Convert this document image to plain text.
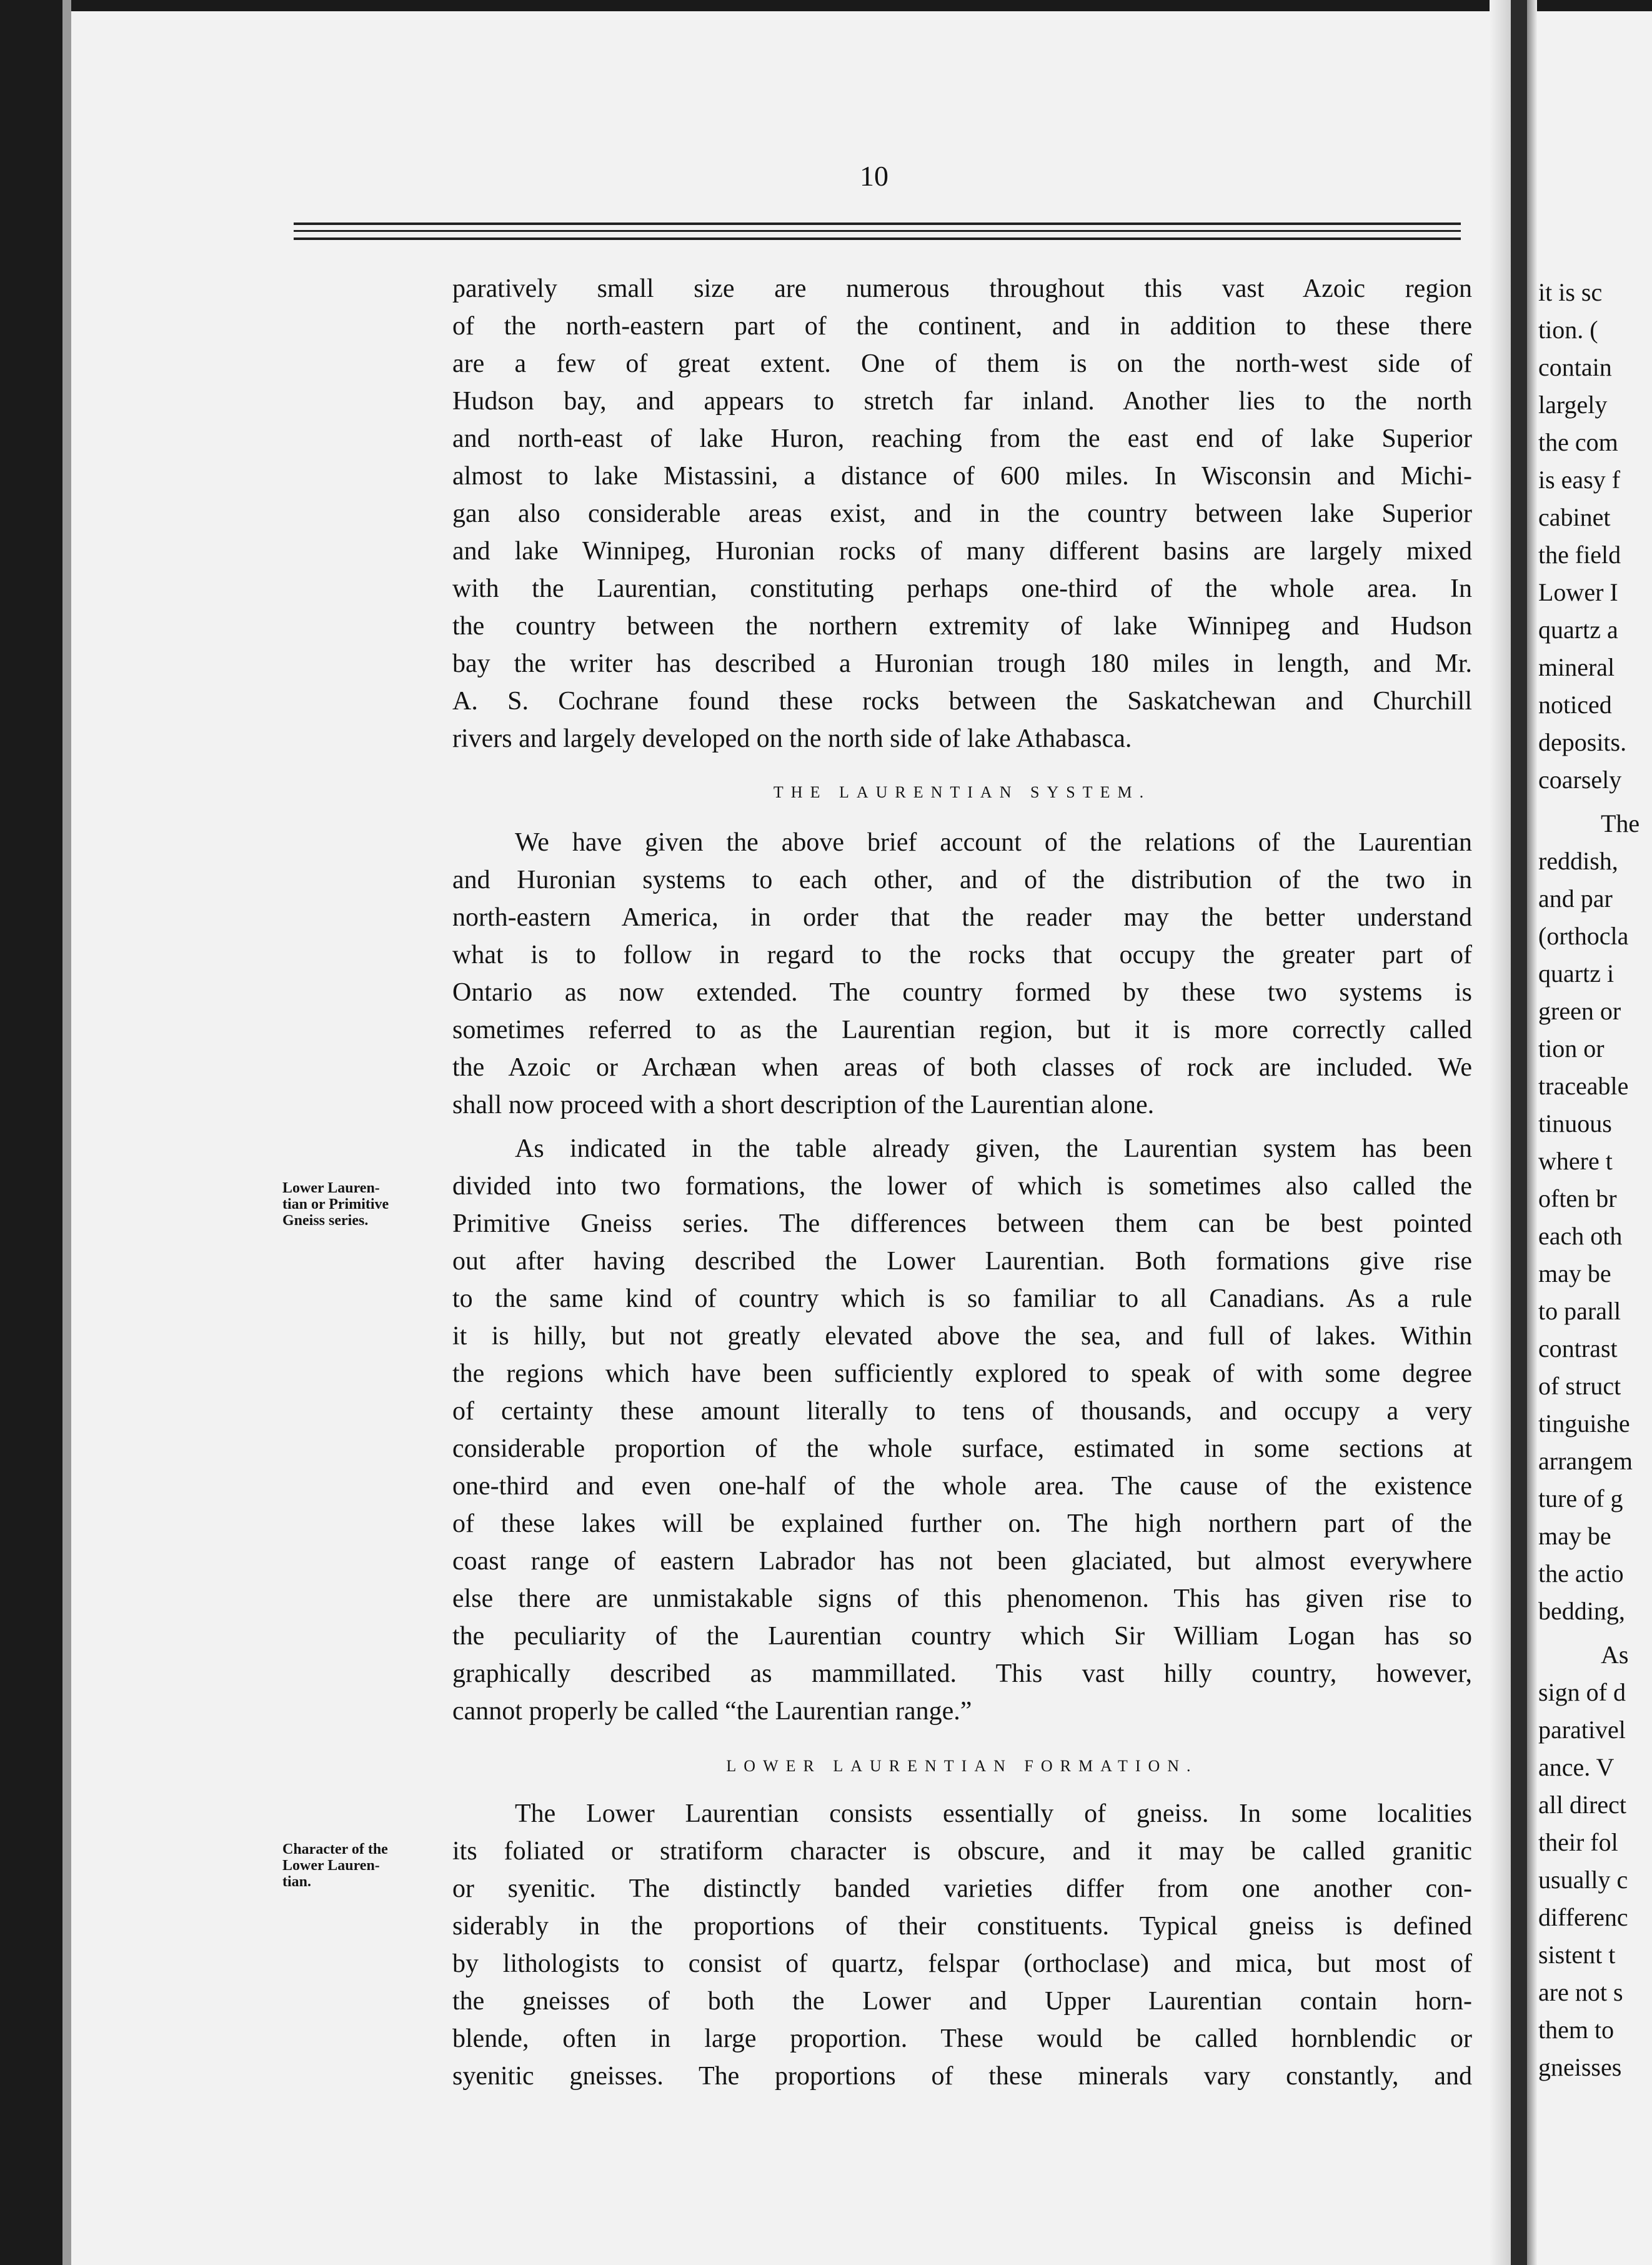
10
paratively small size are numerous throughout this vast Azoic region
of the north-eastern part of the continent, and in addition to these there
are a few of great extent. One of them is on the north-west side of
Hudson bay, and appears to stretch far inland. Another lies to the north
and north-east of lake Huron, reaching from the east end of lake Superior
almost to lake Mistassini, a distance of 600 miles. In Wisconsin and Michi-
gan also considerable areas exist, and in the country between lake Superior
and lake Winnipeg, Huronian rocks of many different basins are largely mixed
with the Laurentian, constituting perhaps one-third of the whole area. In
the country between the northern extremity of lake Winnipeg and Hudson
bay the writer has described a Huronian trough 180 miles in length, and Mr.
A. S. Cochrane found these rocks between the Saskatchewan and Churchill
rivers and largely developed on the north side of lake Athabasca.
THE LAURENTIAN SYSTEM.
We have given the above brief account of the relations of the Laurentian
and Huronian systems to each other, and of the distribution of the two in
north-eastern America, in order that the reader may the better understand
what is to follow in regard to the rocks that occupy the greater part of
Ontario as now extended. The country formed by these two systems is
sometimes referred to as the Laurentian region, but it is more correctly called
the Azoic or Archæan when areas of both classes of rock are included. We
shall now proceed with a short description of the Laurentian alone.
As indicated in the table already given, the Laurentian system has been
divided into two formations, the lower of which is sometimes also called the
Primitive Gneiss series. The differences between them can be best pointed
out after having described the Lower Laurentian. Both formations give rise
to the same kind of country which is so familiar to all Canadians. As a rule
it is hilly, but not greatly elevated above the sea, and full of lakes. Within
the regions which have been sufficiently explored to speak of with some degree
of certainty these amount literally to tens of thousands, and occupy a very
considerable proportion of the whole surface, estimated in some sections at
one-third and even one-half of the whole area. The cause of the existence
of these lakes will be explained further on. The high northern part of the
coast range of eastern Labrador has not been glaciated, but almost everywhere
else there are unmistakable signs of this phenomenon. This has given rise to
the peculiarity of the Laurentian country which Sir William Logan has so
graphically described as mammillated. This vast hilly country, however,
cannot properly be called “the Laurentian range.”
LOWER LAURENTIAN FORMATION.
The Lower Laurentian consists essentially of gneiss. In some localities
its foliated or stratiform character is obscure, and it may be called granitic
or syenitic. The distinctly banded varieties differ from one another con-
siderably in the proportions of their constituents. Typical gneiss is defined
by lithologists to consist of quartz, felspar (orthoclase) and mica, but most of
the gneisses of both the Lower and Upper Laurentian contain horn-
blende, often in large proportion. These would be called hornblendic or
syenitic gneisses. The proportions of these minerals vary constantly, and
Lower Lauren-
tian or Primitive
Gneiss series.
Character of the
Lower Lauren-
tian.
it is sc
tion. (
contain
largely
the com
is easy f
cabinet
the field
Lower I
quartz a
mineral
noticed
deposits.
coarsely
The
reddish,
and par
(orthocla
quartz i
green or
tion or
traceable
tinuous
where t
often br
each oth
may be
to parall
contrast
of struct
tinguishe
arrangem
ture of g
may be
the actio
bedding,
As
sign of d
parativel
ance. V
all direct
their fol
usually c
differenc
sistent t
are not s
them to
gneisses
